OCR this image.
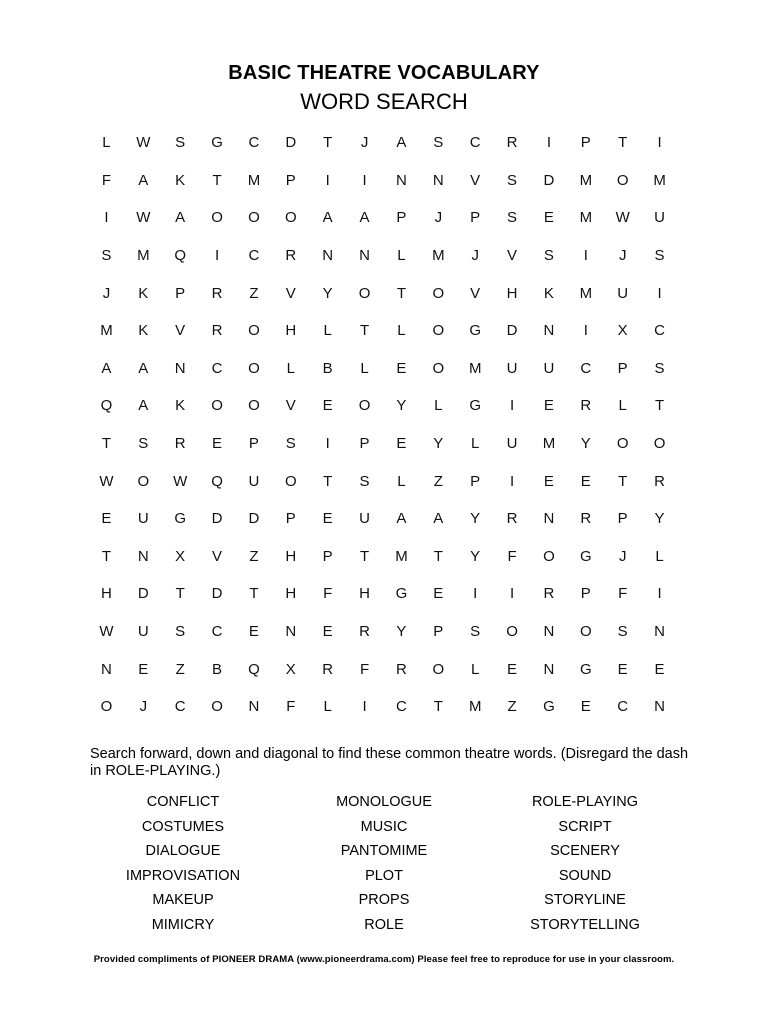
BASIC THEATRE VOCABULARY
WORD SEARCH
L	W	S	G	C	D	T	J	A	S	C	R	I	P	T	I
F	A	K	T	M	P	I	I	N	N	V	S	D	M	O	M
I	W	A	O	O	O	A	A	P	J	P	S	E	M	W	U
S	M	Q	I	C	R	N	N	L	M	J	V	S	I	J	S
J	K	P	R	Z	V	Y	O	T	O	V	H	K	M	U	I
M	K	V	R	O	H	L	T	L	O	G	D	N	I	X	C
A	A	N	C	O	L	B	L	E	O	M	U	U	C	P	S
Q	A	K	O	O	V	E	O	Y	L	G	I	E	R	L	T
T	S	R	E	P	S	I	P	E	Y	L	U	M	Y	O	O
W	O	W	Q	U	O	T	S	L	Z	P	I	E	E	T	R
E	U	G	D	D	P	E	U	A	A	Y	R	N	R	P	Y
T	N	X	V	Z	H	P	T	M	T	Y	F	O	G	J	L
H	D	T	D	T	H	F	H	G	E	I	I	R	P	F	I
W	U	S	C	E	N	E	R	Y	P	S	O	N	O	S	N
N	E	Z	B	Q	X	R	F	R	O	L	E	N	G	E	E
O	J	C	O	N	F	L	I	C	T	M	Z	G	E	C	N
Search forward, down and diagonal to find these common theatre words. (Disregard the dash in ROLE-PLAYING.)
CONFLICT	MONOLOGUE	ROLE-PLAYING
COSTUMES	MUSIC	SCRIPT
DIALOGUE	PANTOMIME	SCENERY
IMPROVISATION	PLOT	SOUND
MAKEUP	PROPS	STORYLINE
MIMICRY	ROLE	STORYTELLING
Provided compliments of PIONEER DRAMA (www.pioneerdrama.com) Please feel free to reproduce for use in your classroom.
